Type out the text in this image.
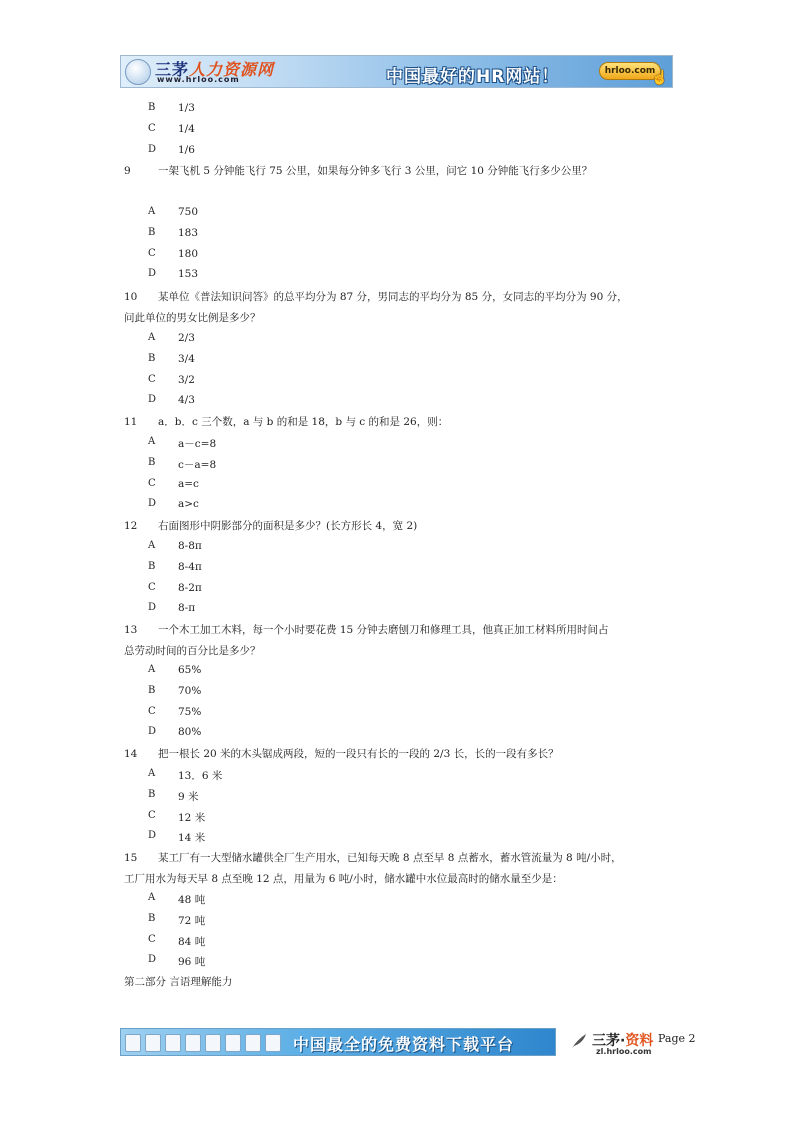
三茅人力资源网
www.hrloo.com	中国最好的HR网站！	hrloo.com
☝
B 1/3
C 1/4
D 1/6
9	一架飞机 5 分钟能飞行 75 公里，如果每分钟多飞行 3 公里，问它 10 分钟能飞行多少公里？
A 750
B 183
C 180
D 153
10 某单位《普法知识问答》的总平均分为 87 分，男同志的平均分为 85 分，女同志的平均分为 90 分，
问此单位的男女比例是多少？
A 2/3
B 3/4
C 3/2
D 4/3
11 a．b．c 三个数，a 与 b 的和是 18，b 与 c 的和是 26，则：
A a－c=8
B c－a=8
C a=c
D a>c
12 右面图形中阴影部分的面积是多少？(长方形长 4，宽 2)
A 8-8π
B 8-4π
C 8-2π
D 8-π
13 一个木工加工木料，每一个小时要花费 15 分钟去磨刨刀和修理工具，他真正加工材料所用时间占
总劳动时间的百分比是多少？
A 65%
B 70%
C 75%
D 80%
14 把一根长 20 米的木头锯成两段，短的一段只有长的一段的 2/3 长，长的一段有多长？
A 13．6 米
B 9 米
C 12 米
D 14 米
15 某工厂有一大型储水罐供全厂生产用水，已知每天晚 8 点至早 8 点蓄水，蓄水管流量为 8 吨/小时，
工厂用水为每天早 8 点至晚 12 点，用量为 6 吨/小时，储水罐中水位最高时的储水量至少是：
A 48 吨
B 72 吨
C 84 吨
D 96 吨
第二部分 言语理解能力
中国最全的免费资料下载平台	三茅·资料
zl.hrloo.com
Page 2
